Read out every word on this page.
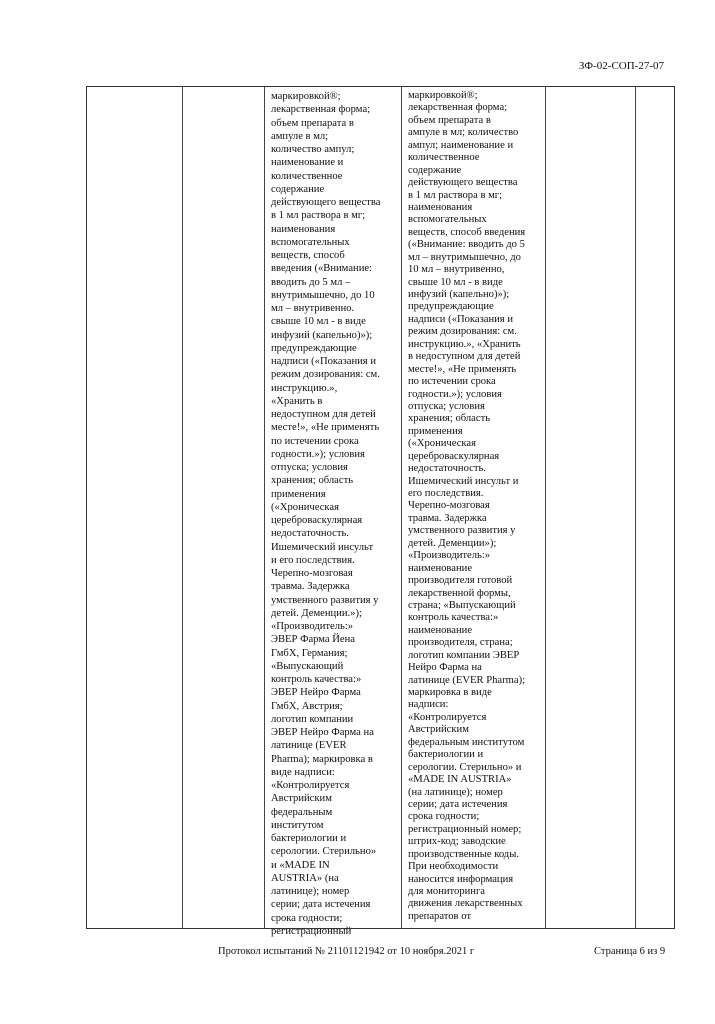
ЗФ-02-СОП-27-07
маркировкой®;
лекарственная форма;
объем препарата в
ампуле в мл;
количество ампул;
наименование и
количественное
содержание
действующего вещества
в 1 мл раствора в мг;
наименования
вспомогательных
веществ, способ
введения («Внимание:
вводить до 5 мл –
внутримышечно, до 10
мл – внутривенно.
свыше 10 мл - в виде
инфузий (капельно)»);
предупреждающие
надписи («Показания и
режим дозирования: см.
инструкцию.»,
«Хранить в
недоступном для детей
месте!», «Не применять
по истечении срока
годности.»); условия
отпуска; условия
хранения; область
применения
(«Хроническая
цереброваскулярная
недостаточность.
Ишемический инсульт
и его последствия.
Черепно-мозговая
травма. Задержка
умственного развития у
детей. Деменции.»);
«Производитель:»
ЭВЕР Фарма Йена
ГмбХ, Германия;
«Выпускающий
контроль качества:»
ЭВЕР Нейро Фарма
ГмбХ, Австрия;
логотип компании
ЭВЕР Нейро Фарма на
латинице (EVER
Pharma); маркировка в
виде надписи:
«Контролируется
Австрийским
федеральным
институтом
бактериологии и
серологии. Стерильно»
и «MADE IN
AUSTRIA» (на
латинице); номер
серии; дата истечения
срока годности;
регистрационный
маркировкой®;
лекарственная форма;
объем препарата в
ампуле в мл; количество
ампул; наименование и
количественное
содержание
действующего вещества
в 1 мл раствора в мг;
наименования
вспомогательных
веществ, способ введения
(«Внимание: вводить до 5
мл – внутримышечно, до
10 мл – внутривенно,
свыше 10 мл - в виде
инфузий (капельно)»);
предупреждающие
надписи («Показания и
режим дозирования: см.
инструкцию.», «Хранить
в недоступном для детей
месте!», «Не применять
по истечении срока
годности.»); условия
отпуска; условия
хранения; область
применения
(«Хроническая
цереброваскулярная
недостаточность.
Ишемический инсульт и
его последствия.
Черепно-мозговая
травма. Задержка
умственного развития у
детей. Деменции»);
«Производитель:»
наименование
производителя готовой
лекарственной формы,
страна; «Выпускающий
контроль качества:»
наименование
производителя, страна;
логотип компании ЭВЕР
Нейро Фарма на
латинице (EVER Pharma);
маркировка в виде
надписи:
«Контролируется
Австрийским
федеральным институтом
бактериологии и
серологии. Стерильно» и
«MADE IN AUSTRIA»
(на латинице); номер
серии; дата истечения
срока годности;
регистрационный номер;
штрих-код; заводские
производственные коды.
При необходимости
наносится информация
для мониторинга
движения лекарственных
препаратов от
Протокол испытаний № 21101121942 от 10 ноября.2021 г	Страница 6 из 9
